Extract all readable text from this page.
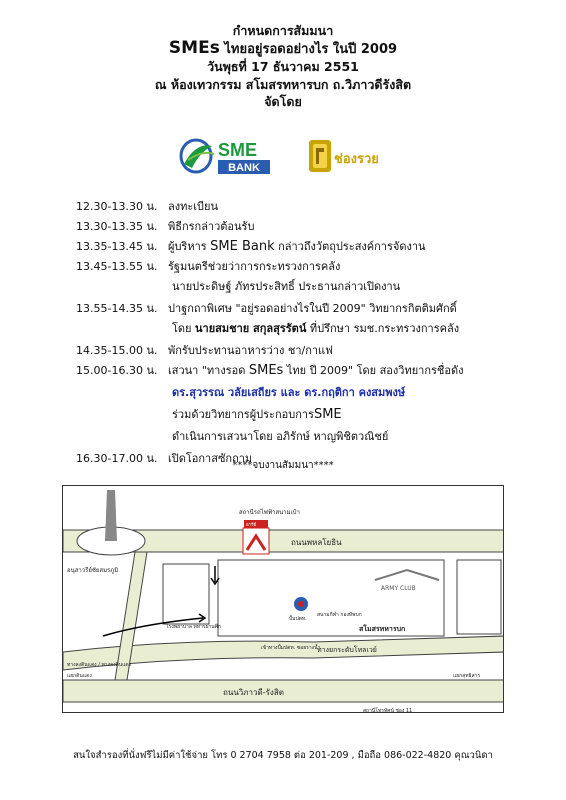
กำหนดการสัมมนา
SMEs ไทยอยู่รอดอย่างไร ในปี 2009
วันพุธที่ 17 ธันวาคม 2551
ณ ห้องเทวกรรม สโมสรทหารบก ถ.วิภาวดีรังสิต
จัดโดย
SME
BANK
ช่องรวย
12.30-13.30 น. ลงทะเบียน
13.30-13.35 น. พิธีกรกล่าวต้อนรับ
13.35-13.45 น. ผู้บริหาร SME Bank กล่าวถึงวัตถุประสงค์การจัดงาน
13.45-13.55 น. รัฐมนตรีช่วยว่าการกระทรวงการคลัง
นายประดิษฐ์ ภัทรประสิทธิ์ ประธานกล่าวเปิดงาน
13.55-14.35 น. ปาฐกถาพิเศษ "อยู่รอดอย่างไรในปี 2009" วิทยากรกิตติมศักดิ์
โดย นายสมชาย สกุลสุรรัตน์ ที่ปรึกษา รมช.กระทรวงการคลัง
14.35-15.00 น. พักรับประทานอาหารว่าง ชา/กาแฟ
15.00-16.30 น. เสวนา "ทางรอด SMEs ไทย ปี 2009" โดย สองวิทยากรชื่อดัง
ดร.สุวรรณ วลัยเสถียร และ ดร.กฤติกา คงสมพงษ์
ร่วมด้วยวิทยากรผู้ประกอบการSME
ดำเนินการเสวนาโดย อภิรักษ์ หาญพิชิตวณิชย์
16.30-17.00 น. เปิดโอกาสซักถาม
****จบงานสัมมนา****
สถานีรถไฟฟ้าสนามเป้า
อารีย์
ถนนพหลโยธิน
อนุสาวรีย์ชัยสมรภูมิ
โรงพยาบาล ทหารผ่านศึก
ปั้มปตท.
สนามกีฬา กองทัพบก
ARMY CLUB
สโมสรทหารบก
เข้าทางปั้มปตท. ซอยรางน้ำ
ทางยกระดับโทลเวย์
ทางลงดินแดง / ทางลงดินแดง
แยกดินแดง
ถนนวิภาวดี-รังสิต
แยกสุทธิสาร
สถานีโทรทัศน์ ช่อง 11
สนใจสำรองที่นั่งฟรีไม่มีค่าใช้จ่าย โทร 0 2704 7958 ต่อ 201-209 , มือถือ 086-022-4820 คุณวนิดา
